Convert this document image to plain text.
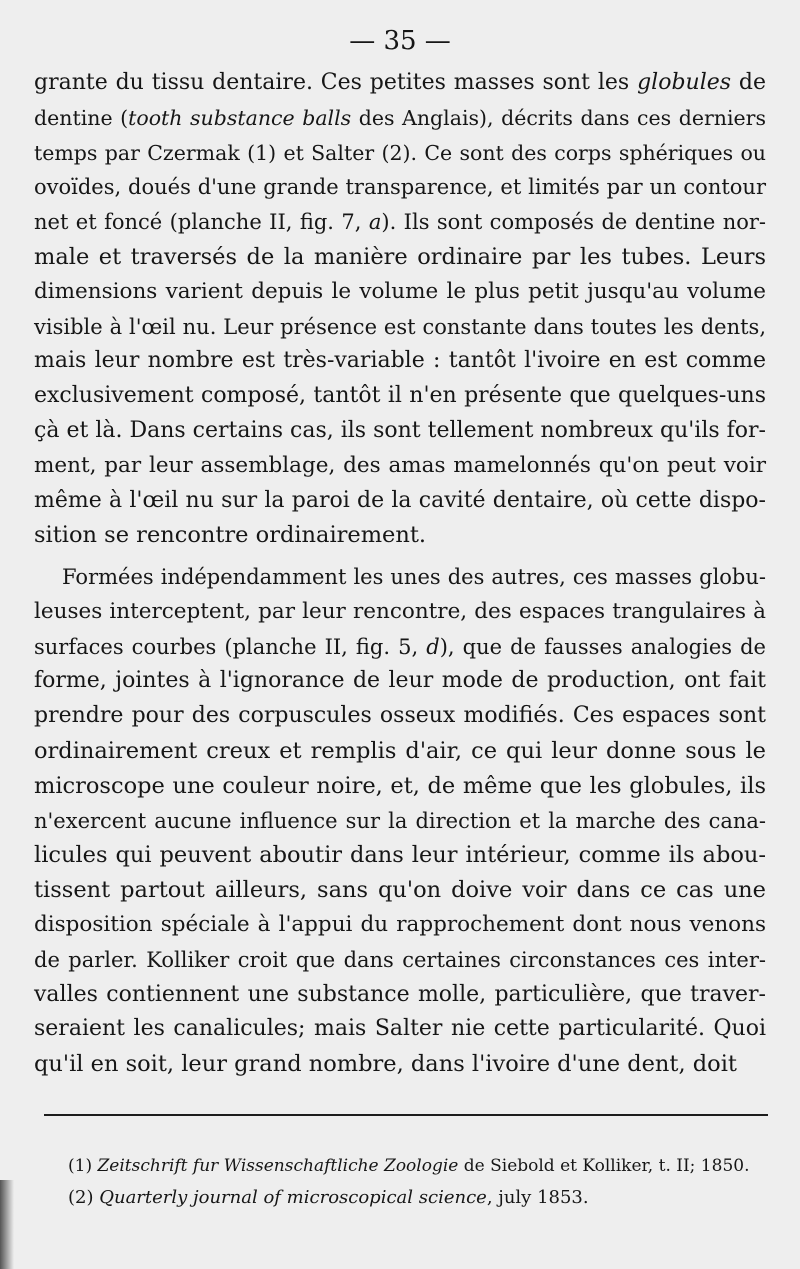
— 35 —
grante du tissu dentaire. Ces petites masses sont les globules de
dentine (tooth substance balls des Anglais), décrits dans ces derniers
temps par Czermak (1) et Salter (2). Ce sont des corps sphériques ou
ovoïdes, doués d'une grande transparence, et limités par un contour
net et foncé (planche II, fig. 7, a). Ils sont composés de dentine nor-
male et traversés de la manière ordinaire par les tubes. Leurs
dimensions varient depuis le volume le plus petit jusqu'au volume
visible à l'œil nu. Leur présence est constante dans toutes les dents,
mais leur nombre est très-variable : tantôt l'ivoire en est comme
exclusivement composé, tantôt il n'en présente que quelques-uns
çà et là. Dans certains cas, ils sont tellement nombreux qu'ils for-
ment, par leur assemblage, des amas mamelonnés qu'on peut voir
même à l'œil nu sur la paroi de la cavité dentaire, où cette dispo-
sition se rencontre ordinairement.
Formées indépendamment les unes des autres, ces masses globu-
leuses interceptent, par leur rencontre, des espaces trangulaires à
surfaces courbes (planche II, fig. 5, d), que de fausses analogies de
forme, jointes à l'ignorance de leur mode de production, ont fait
prendre pour des corpuscules osseux modifiés. Ces espaces sont
ordinairement creux et remplis d'air, ce qui leur donne sous le
microscope une couleur noire, et, de même que les globules, ils
n'exercent aucune influence sur la direction et la marche des cana-
licules qui peuvent aboutir dans leur intérieur, comme ils abou-
tissent partout ailleurs, sans qu'on doive voir dans ce cas une
disposition spéciale à l'appui du rapprochement dont nous venons
de parler. Kolliker croit que dans certaines circonstances ces inter-
valles contiennent une substance molle, particulière, que traver-
seraient les canalicules; mais Salter nie cette particularité. Quoi
qu'il en soit, leur grand nombre, dans l'ivoire d'une dent, doit
(1) Zeitschrift fur Wissenschaftliche Zoologie de Siebold et Kolliker, t. II; 1850.
(2) Quarterly journal of microscopical science, july 1853.
